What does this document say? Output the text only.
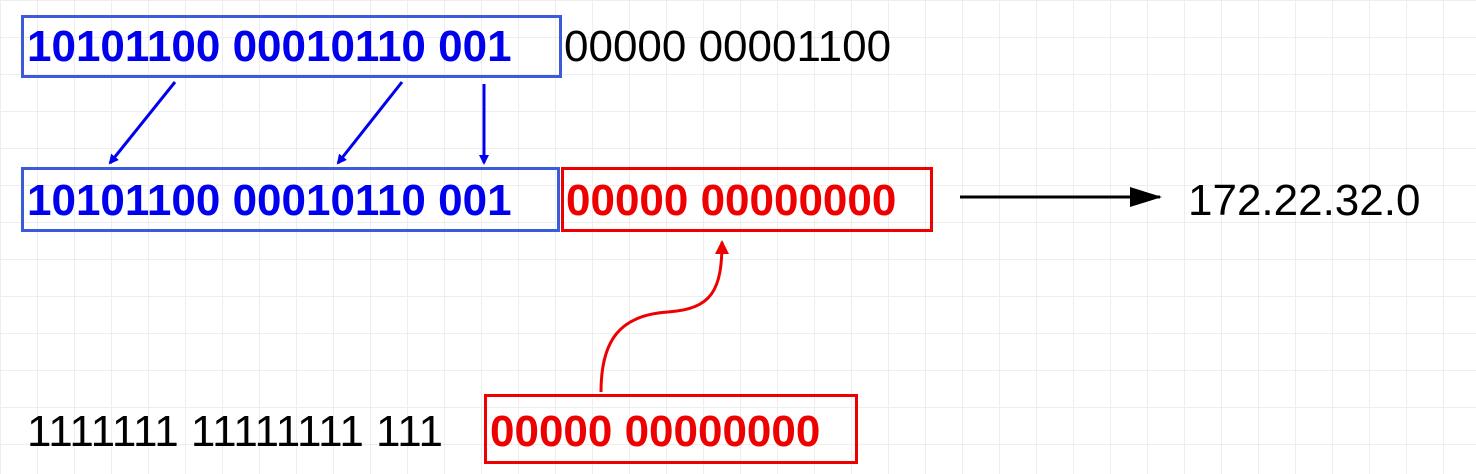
10101100 00010110 001 00000 00001100
10101100 00010110 001 00000 00000000	172.22.32.0
1111111 11111111 111 00000 00000000
